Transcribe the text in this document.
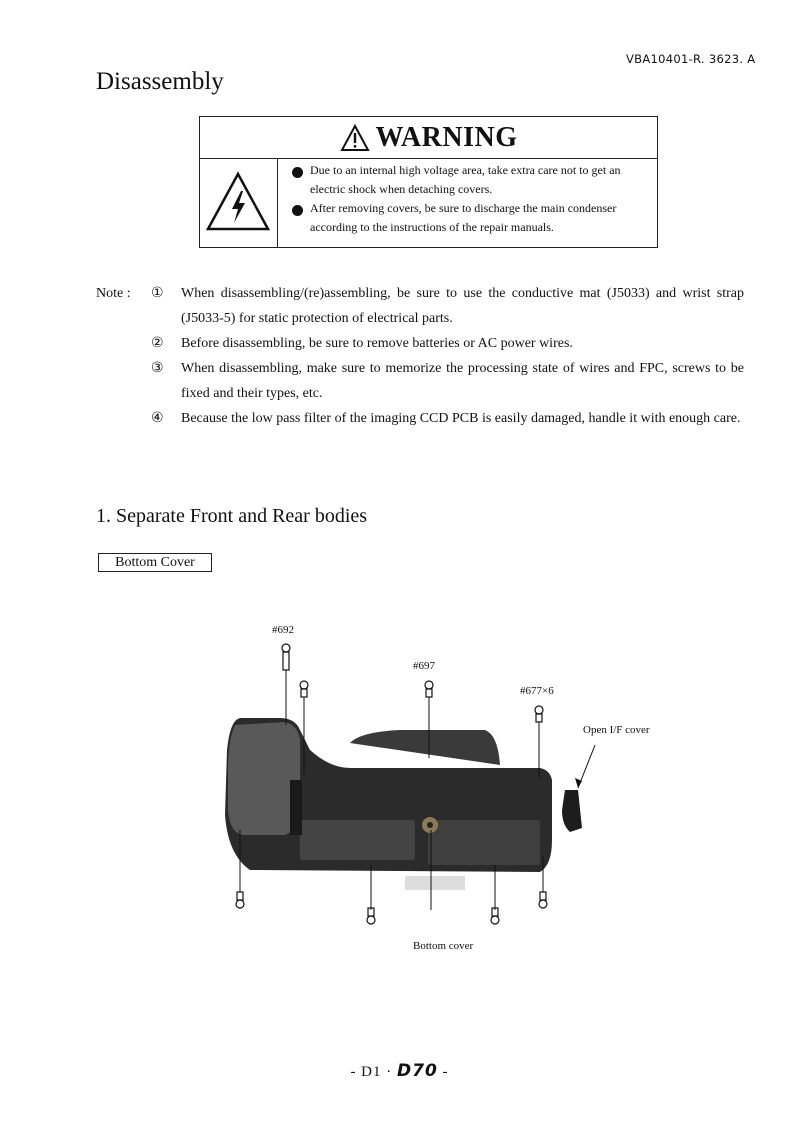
VBA10401-R. 3623. A
Disassembly
WARNING
Due to an internal high voltage area, take extra care not to get an electric shock when detaching covers.
After removing covers, be sure to discharge the main condenser according to the instructions of the repair manuals.
Note : ①	When disassembling/(re)assembling, be sure to use the conductive mat (J5033) and wrist strap (J5033-5) for static protection of electrical parts.
②	Before disassembling, be sure to remove batteries or AC power wires.
③	When disassembling, make sure to memorize the processing state of wires and FPC, screws to be fixed and their types, etc.
④	Because the low pass filter of the imaging CCD PCB is easily damaged, handle it with enough care.
1. Separate Front and Rear bodies
Bottom Cover
#692
#697
#677×6
Open I/F cover
Bottom cover
- D1 · D70 -
